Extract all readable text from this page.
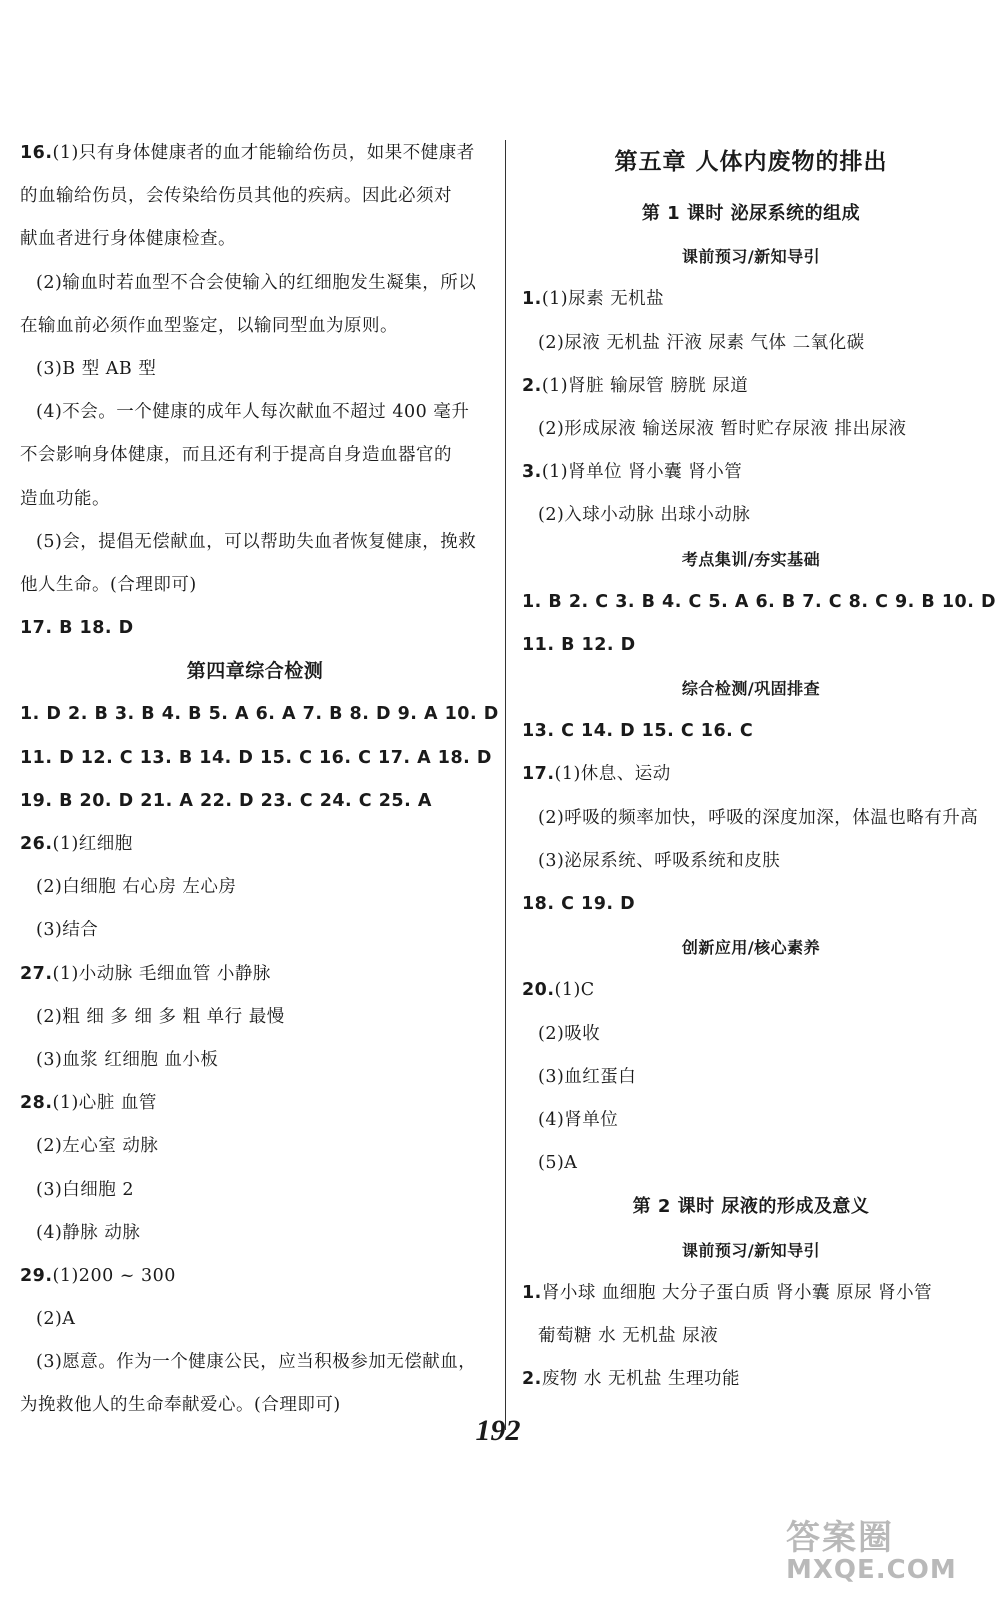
16.(1)只有身体健康者的血才能输给伤员，如果不健康者
的血输给伤员，会传染给伤员其他的疾病。因此必须对
献血者进行身体健康检查。
(2)输血时若血型不合会使输入的红细胞发生凝集，所以
在输血前必须作血型鉴定，以输同型血为原则。
(3)B 型 AB 型
(4)不会。一个健康的成年人每次献血不超过 400 毫升
不会影响身体健康，而且还有利于提高自身造血器官的
造血功能。
(5)会，提倡无偿献血，可以帮助失血者恢复健康，挽救
他人生命。(合理即可)
17. B 18. D
第四章综合检测
1. D 2. B 3. B 4. B 5. A 6. A 7. B 8. D 9. A 10. D
11. D 12. C 13. B 14. D 15. C 16. C 17. A 18. D
19. B 20. D 21. A 22. D 23. C 24. C 25. A
26.(1)红细胞
(2)白细胞 右心房 左心房
(3)结合
27.(1)小动脉 毛细血管 小静脉
(2)粗 细 多 细 多 粗 单行 最慢
(3)血浆 红细胞 血小板
28.(1)心脏 血管
(2)左心室 动脉
(3)白细胞 2
(4)静脉 动脉
29.(1)200 ~ 300
(2)A
(3)愿意。作为一个健康公民，应当积极参加无偿献血，
为挽救他人的生命奉献爱心。(合理即可)
第五章 人体内废物的排出
第 1 课时 泌尿系统的组成
课前预习/新知导引
1.(1)尿素 无机盐
(2)尿液 无机盐 汗液 尿素 气体 二氧化碳
2.(1)肾脏 输尿管 膀胱 尿道
(2)形成尿液 输送尿液 暂时贮存尿液 排出尿液
3.(1)肾单位 肾小囊 肾小管
(2)入球小动脉 出球小动脉
考点集训/夯实基础
1. B 2. C 3. B 4. C 5. A 6. B 7. C 8. C 9. B 10. D
11. B 12. D
综合检测/巩固排查
13. C 14. D 15. C 16. C
17.(1)休息、运动
(2)呼吸的频率加快，呼吸的深度加深，体温也略有升高
(3)泌尿系统、呼吸系统和皮肤
18. C 19. D
创新应用/核心素养
20.(1)C
(2)吸收
(3)血红蛋白
(4)肾单位
(5)A
第 2 课时 尿液的形成及意义
课前预习/新知导引
1.肾小球 血细胞 大分子蛋白质 肾小囊 原尿 肾小管
葡萄糖 水 无机盐 尿液
2.废物 水 无机盐 生理功能
192
答案圈
MXQE.COM
